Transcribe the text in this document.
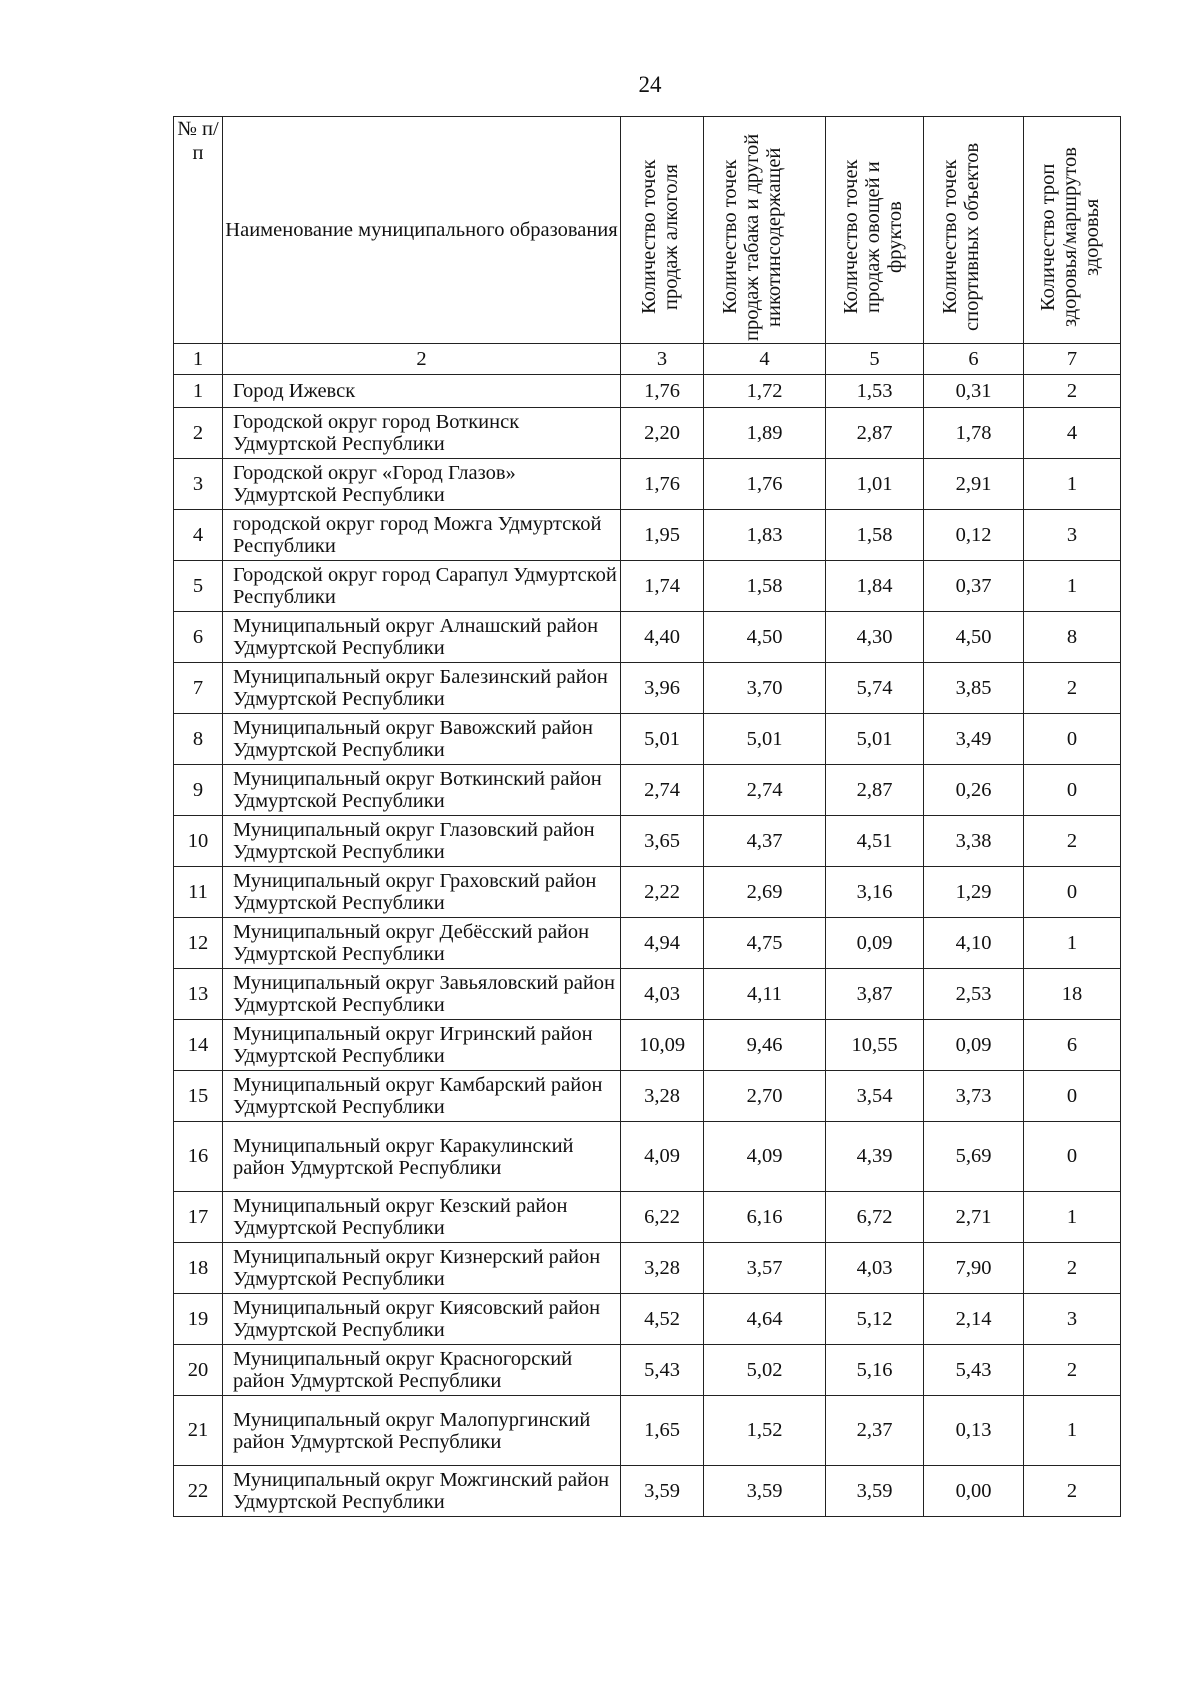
24
№ п/п	Наименование муниципального образования	Количество точек продаж алкоголя	Количество точек продаж табака и другой никотинсодержащей	Количество точек продаж овощей и фруктов	Количество точек спортивных объектов	Количество троп здоровья/маршрутов здоровья

1	2	3	4	5	6	7
1	Город Ижевск	1,76	1,72	1,53	0,31	2
2	Городской округ город Воткинск Удмуртской Республики	2,20	1,89	2,87	1,78	4
3	Городской округ «Город Глазов» Удмуртской Республики	1,76	1,76	1,01	2,91	1
4	городской округ город Можга Удмуртской Республики	1,95	1,83	1,58	0,12	3
5	Городской округ город Сарапул Удмуртской Республики	1,74	1,58	1,84	0,37	1
6	Муниципальный округ Алнашский район Удмуртской Республики	4,40	4,50	4,30	4,50	8
7	Муниципальный округ Балезинский район Удмуртской Республики	3,96	3,70	5,74	3,85	2
8	Муниципальный округ Вавожский район Удмуртской Республики	5,01	5,01	5,01	3,49	0
9	Муниципальный округ Воткинский район Удмуртской Республики	2,74	2,74	2,87	0,26	0
10	Муниципальный округ Глазовский район Удмуртской Республики	3,65	4,37	4,51	3,38	2
11	Муниципальный округ Граховский район Удмуртской Республики	2,22	2,69	3,16	1,29	0
12	Муниципальный округ Дебёсский район Удмуртской Республики	4,94	4,75	0,09	4,10	1
13	Муниципальный округ Завьяловский район Удмуртской Республики	4,03	4,11	3,87	2,53	18
14	Муниципальный округ Игринский район Удмуртской Республики	10,09	9,46	10,55	0,09	6
15	Муниципальный округ Камбарский район Удмуртской Республики	3,28	2,70	3,54	3,73	0
16	Муниципальный округ Каракулинский район Удмуртской Республики	4,09	4,09	4,39	5,69	0
17	Муниципальный округ Кезский район Удмуртской Республики	6,22	6,16	6,72	2,71	1
18	Муниципальный округ Кизнерский район Удмуртской Республики	3,28	3,57	4,03	7,90	2
19	Муниципальный округ Киясовский район Удмуртской Республики	4,52	4,64	5,12	2,14	3
20	Муниципальный округ Красногорский район Удмуртской Республики	5,43	5,02	5,16	5,43	2
21	Муниципальный округ Малопургинский район Удмуртской Республики	1,65	1,52	2,37	0,13	1
22	Муниципальный округ Можгинский район Удмуртской Республики	3,59	3,59	3,59	0,00	2
